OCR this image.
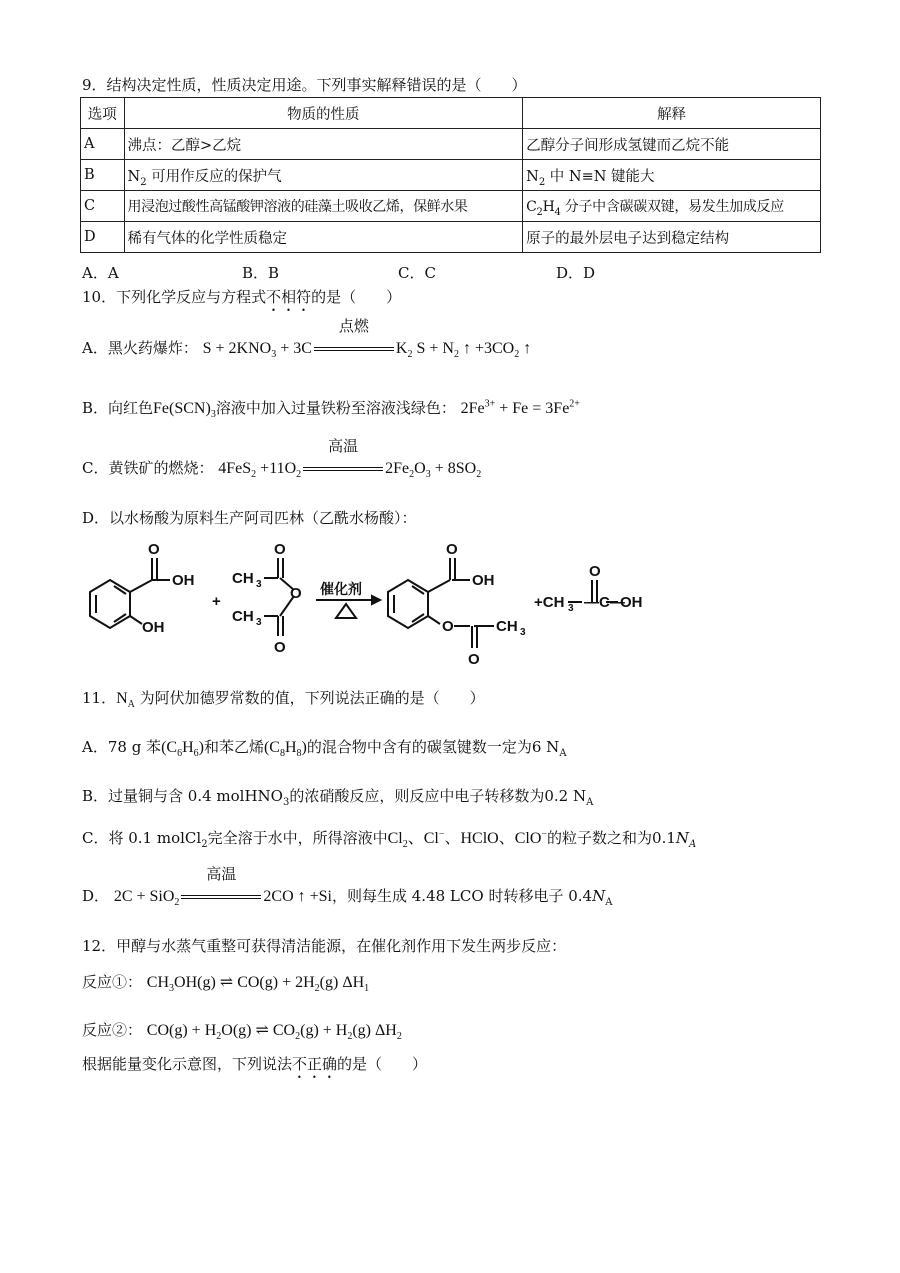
9．结构决定性质，性质决定用途。下列事实解释错误的是（　　）
选项	物质的性质	解释
A	沸点：乙醇>乙烷	乙醇分子间形成氢键而乙烷不能
B	$N_2$ 可用作反应的保护气	$N_2$ 中 N≡N 键能大
C	用浸泡过酸性高锰酸钾溶液的硅藻土吸收乙烯，保鲜水果	$C_2H_4$ 分子中含碳碳双键，易发生加成反应
D	稀有气体的化学性质稳定	原子的最外层电子达到稳定结构
A．A	B．B	C．C	D．D
10．下列化学反应与方程式不相符的是（　　）
A．黑火药爆炸： $S + 2KNO_3 + 3C$
点燃
$K_2$ $S + N_2$ ↑ $+3CO_2$ ↑
B．向红色$Fe(SCN)_3$溶液中加入过量铁粉至溶液浅绿色： $2Fe^{3+} + Fe = 3Fe^{2+}$
C．黄铁矿的燃烧： $4FeS_2 +11O_2$
高温
$2Fe_2O_3 + 8SO_2$
D．以水杨酸为原料生产阿司匹林（乙酰水杨酸）：
O
OH
OH
+
O
CH 3
O
CH 3
O
催化剂
O
OH
O
O
CH 3
+CH 3 —C—
O
OH
11．$N_A$ 为阿伏加德罗常数的值，下列说法正确的是（　　）
A．78 g 苯$(C_6H_6)$和苯乙烯$(C_8H_8)$的混合物中含有的碳氢键数一定为6 $N_A$
B．过量铜与含 0.4 molHNO$_3$的浓硝酸反应，则反应中电子转移数为0.2 $N_A$
C．将 0.1 molCl$_2$完全溶于水中，所得溶液中$Cl_2$、Cl−、HClO、ClO−的粒子数之和为$0.1N_A$
D． 2C + SiO$_2$
高温
2CO ↑ +Si，则每生成 4.48 LCO 时转移电子 $0.4N_A$
12．甲醇与水蒸气重整可获得清洁能源，在催化剂作用下发生两步反应：
反应①： $CH_3OH(g)$ ⇌ $CO(g) + 2H_2(g)$ $\Delta H_1$
反应②： $CO(g) + H_2O(g)$ ⇌ $CO_2(g) + H_2(g)$ $\Delta H_2$
根据能量变化示意图，下列说法不正确的是（　　）
